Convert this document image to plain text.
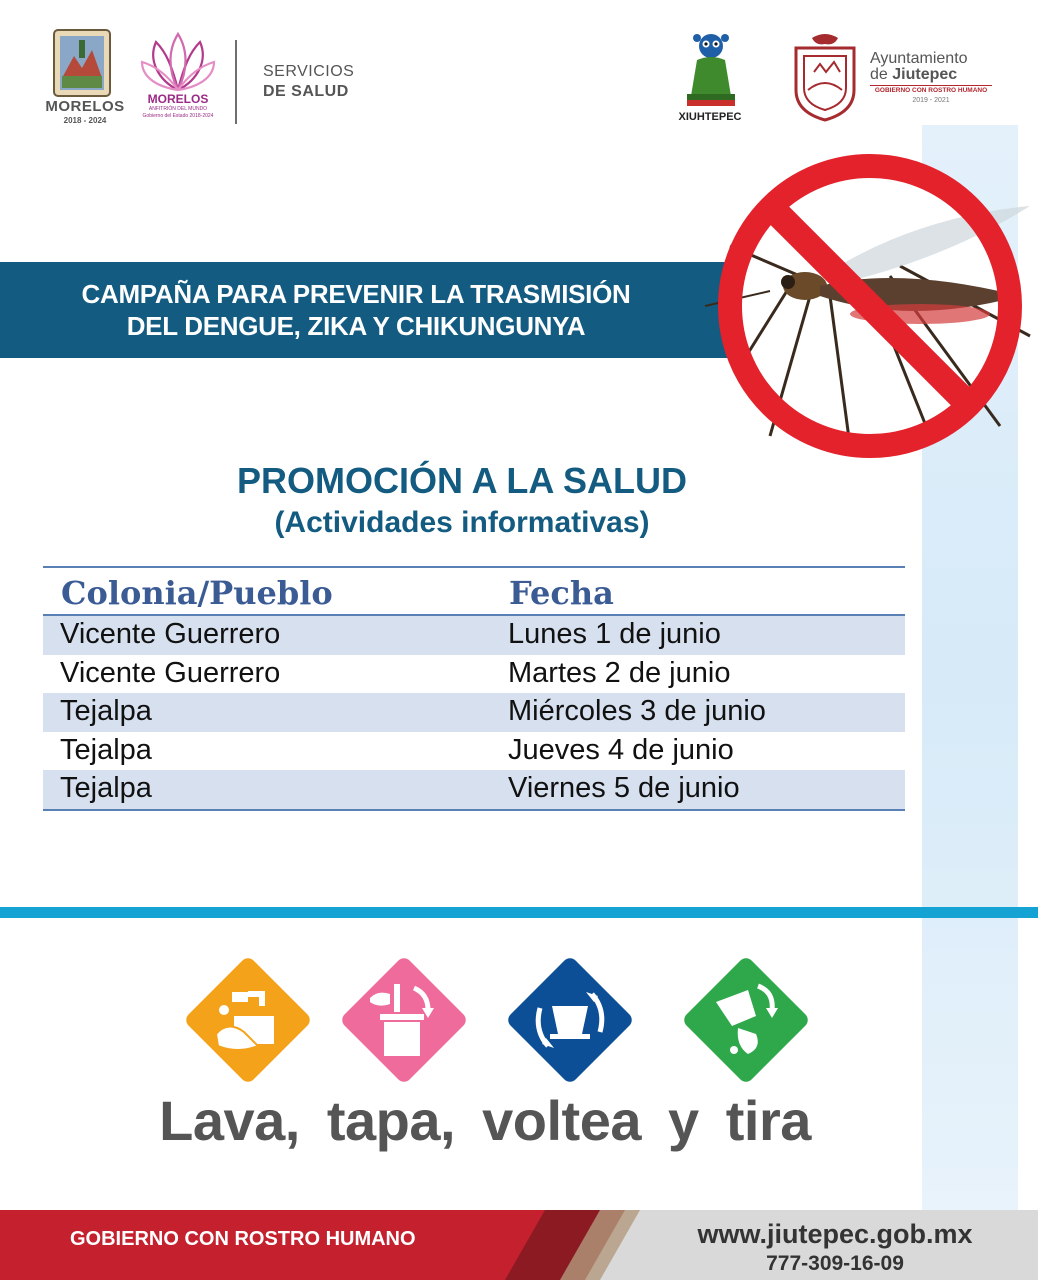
MORELOS
2018 - 2024
MORELOS
ANFITRIÓN DEL MUNDO
Gobierno del Estado 2018-2024
SERVICIOS
DE SALUD
XIUHTEPEC
Ayuntamiento
de Jiutepec
GOBIERNO CON ROSTRO HUMANO
2019 - 2021
CAMPAÑA PARA PREVENIR LA TRASMISIÓN
DEL DENGUE, ZIKA Y CHIKUNGUNYA
PROMOCIÓN A LA SALUD
(Actividades informativas)
Colonia/Pueblo	Fecha
Vicente Guerrero	Lunes 1 de junio
Vicente Guerrero	Martes 2 de junio
Tejalpa	Miércoles 3 de junio
Tejalpa	Jueves 4 de junio
Tejalpa	Viernes 5 de junio
Lava, tapa, voltea y tira
GOBIERNO CON ROSTRO HUMANO	www.jiutepec.gob.mx
777-309-16-09
